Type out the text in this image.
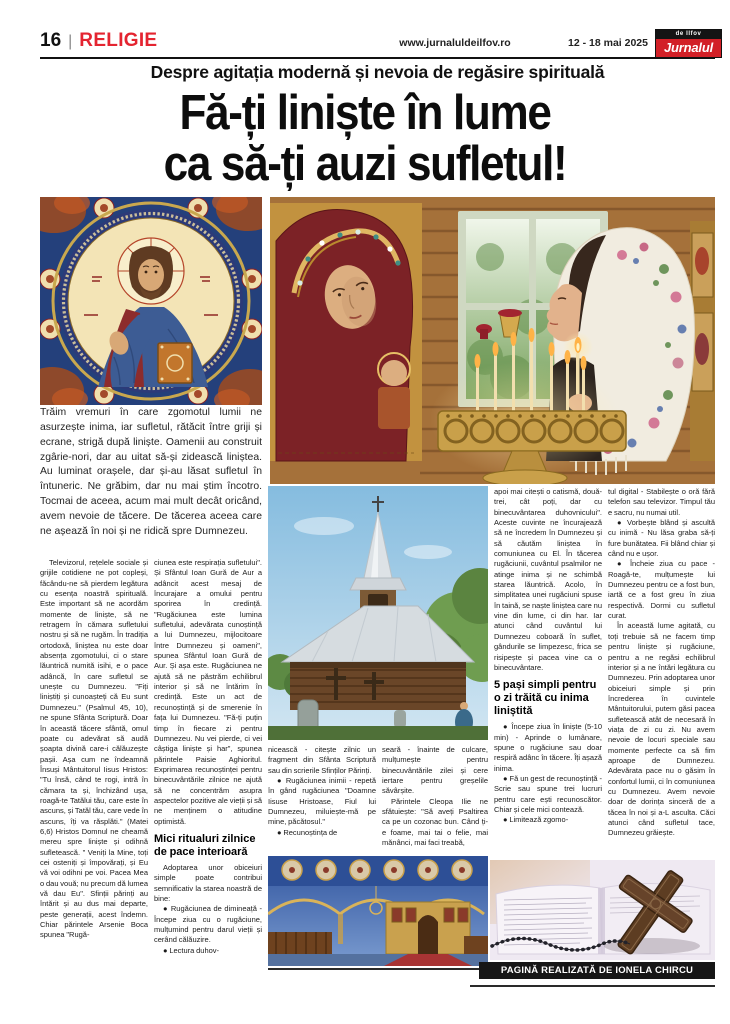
16 | RELIGIE	www.jurnaluldeilfov.ro	12 - 18 mai 2025
de Ilfov
Jurnalul
Despre agitația modernă și nevoia de regăsire spirituală
Fă-ți liniște în lume
ca să-ți auzi sufletul!
Trăim vremuri în care zgomotul lumii ne asurzește inima, iar sufletul, rătăcit între griji și ecrane, strigă după liniște. Oamenii au construit zgârie-nori, dar au uitat să-și zidească liniștea. Au luminat orașele, dar și-au lăsat sufletul în întuneric. Ne grăbim, dar nu mai știm încotro. Tocmai de aceea, acum mai mult decât oricând, avem nevoie de tăcere. De tăcerea aceea care ne așează în noi și ne ridică spre Dumnezeu.
Televizorul, rețelele sociale și grijile cotidiene ne pot copleși, făcându-ne să pierdem legătura cu esența noastră spirituală. Este important să ne acordăm momente de liniște, să ne retragem în cămara sufletului nostru și să ne rugăm. În tradiția ortodoxă, liniștea nu este doar absența zgomotului, ci o stare lăuntrică numită isihi, e o pace adâncă, în care sufletul se unește cu Dumnezeu. "Fiți liniștiți și cunoașteți că Eu sunt Dumnezeu." (Psalmul 45, 10), ne spune Sfânta Scriptură. Doar în această tăcere sfântă, omul poate cu adevărat să audă șoapta divină care-i călăuzește pașii. Așa cum ne îndeamnă Însuși Mântuitorul Iisus Hristos: "Tu însă, când te rogi, intră în cămara ta și, închizând ușa, roagă-te Tatălui tău, care este în ascuns, și Tatăl tău, care vede în ascuns, îți va răsplăti." (Matei 6,6) Hristos Domnul ne cheamă mereu spre liniște și odihnă sufletească. " Veniți la Mine, toți cei osteniți și împovărați, și Eu vă voi odihni pe voi. Pacea Mea o dau vouă; nu precum dă lumea vă dau Eu". Sfinții părinți au întărit și au dus mai departe, peste generații, acest îndemn. Chiar părintele Arsenie Boca spunea "Rugă-
ciunea este respirația sufletului". Și Sfântul Ioan Gură de Aur a adâncit acest mesaj de încurajare a omului pentru sporirea în credință. "Rugăciunea este lumina sufletului, adevărata cunoștință a lui Dumnezeu, mijlocitoare între Dumnezeu și oameni", spunea Sfântul Ioan Gură de Aur. Și așa este. Rugăciunea ne ajută să ne păstrăm echilibrul interior și să ne întărim în credință. Este un act de recunoștință și de smerenie în fața lui Dumnezeu. "Fă-ți puțin timp în fiecare zi pentru Dumnezeu. Nu vei pierde, ci vei câștiga liniște și har", spunea părintele Paisie Aghioritul. Exprimarea recunoștinței pentru binecuvântările zilnice ne ajută să ne concentrăm asupra aspectelor pozitive ale vieții și să ne menținem o atitudine optimistă.
Mici ritualuri zilnice de pace interioară
Adoptarea unor obiceiuri simple poate contribui semnificativ la starea noastră de bine:
● Rugăciunea de dimineață - Începe ziua cu o rugăciune, mulțumind pentru darul vieții și cerând călăuzire.
● Lectura duhov-
nicească - citește zilnic un fragment din Sfânta Scriptură sau din scrierile Sfinților Părinți.
● Rugăciunea inimii - repetă în gând rugăciunea "Doamne Iisuse Hristoase, Fiul lui Dumnezeu, miluiește-mă pe mine, păcătosul."
● Recunoștința de
seară - înainte de culcare, mulțumește pentru binecuvântările zilei și cere iertare pentru greșelile săvârșite.
Părintele Cleopa Ilie ne sfătuiește: "Să aveți Psaltirea ca pe un cozonac bun. Când ți-e foame, mai tai o felie, mai mănânci, mai faci treabă,
apoi mai citești o catismă, două-trei, cât poți, dar cu binecuvântarea duhovnicului". Aceste cuvinte ne încurajează să ne încredem în Dumnezeu și să căutăm liniștea în comuniunea cu El. În tăcerea rugăciunii, cuvântul psalmilor ne atinge inima și ne schimbă starea lăuntrică. Acolo, în simplitatea unei rugăciuni spuse în taină, se naște liniștea care nu vine din lume, ci din har. Iar atunci când cuvântul lui Dumnezeu coboară în suflet, gândurile se limpezesc, frica se risipește și pacea vine ca o binecuvântare.
5 pași simpli pentru o zi trăită cu inima liniștită
● Începe ziua în liniște (5-10 min) - Aprinde o lumânare, spune o rugăciune sau doar respiră adânc în tăcere. Îți așază inima.
● Fă un gest de recunoștință - Scrie sau spune trei lucruri pentru care ești recunoscător. Chiar și cele mici contează.
● Limitează zgomo-
tul digital - Stabilește o oră fără telefon sau televizor. Timpul tău e sacru, nu numai util.
● Vorbește blând și ascultă cu inimă - Nu lăsa graba să-ți fure bunătatea. Fii blând chiar și când nu e ușor.
● Încheie ziua cu pace - Roagă-te, mulțumește lui Dumnezeu pentru ce a fost bun, iartă ce a fost greu în ziua respectivă. Dormi cu sufletul curat.
În această lume agitată, cu toți trebuie să ne facem timp pentru liniște și rugăciune, pentru a ne regăsi echilibrul interior și a ne întări legătura cu Dumnezeu. Prin adoptarea unor obiceiuri simple și prin încrederea în cuvintele Mântuitorului, putem găsi pacea sufletească atât de necesară în viața de zi cu zi. Nu avem nevoie de locuri speciale sau momente perfecte ca să fim aproape de Dumnezeu. Adevărata pace nu o găsim în confortul lumii, ci în comuniunea cu Dumnezeu. Avem nevoie doar de dorința sinceră de a tăcea în noi și a-L asculta. Căci atunci când sufletul tace, Dumnezeu grăiește.
PAGINĂ REALIZATĂ DE IONELA CHIRCU
